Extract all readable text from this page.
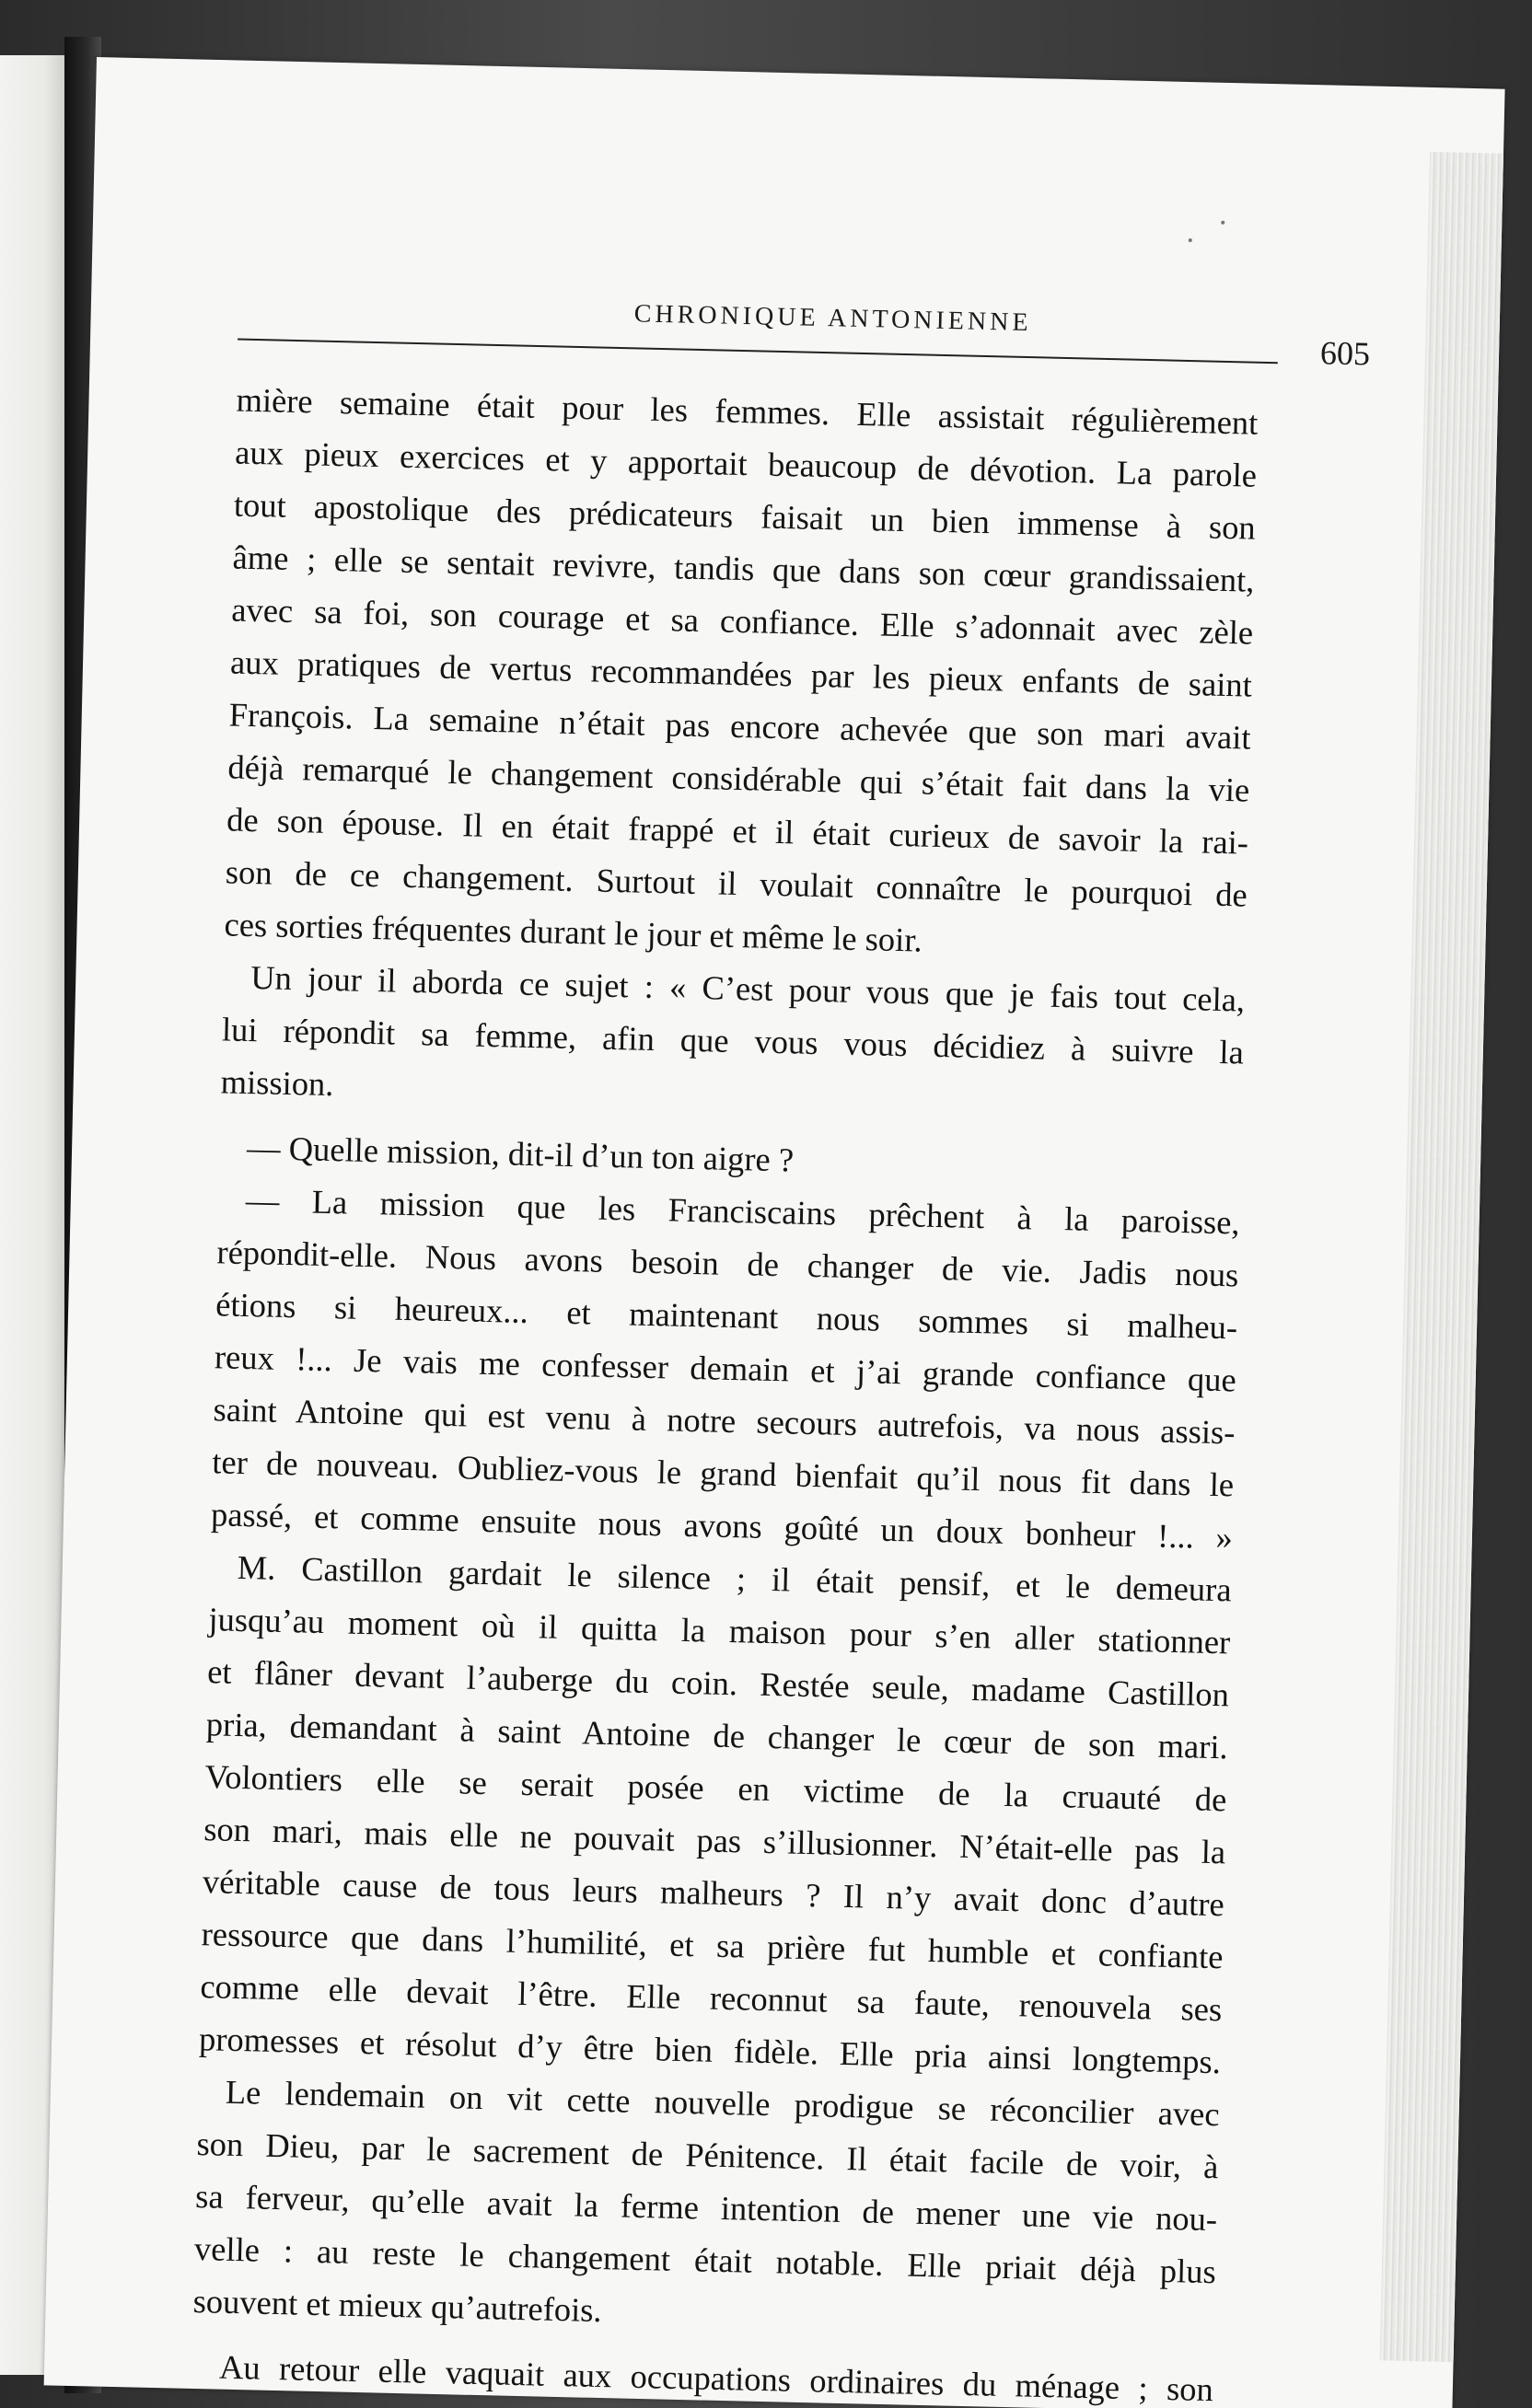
CHRONIQUE ANTONIENNE
605
mière semaine était pour les femmes. Elle assistait régulièrement
aux pieux exercices et y apportait beaucoup de dévotion. La parole
tout apostolique des prédicateurs faisait un bien immense à son
âme ; elle se sentait revivre, tandis que dans son cœur grandissaient,
avec sa foi, son courage et sa confiance. Elle s’adonnait avec zèle
aux pratiques de vertus recommandées par les pieux enfants de saint
François. La semaine n’était pas encore achevée que son mari avait
déjà remarqué le changement considérable qui s’était fait dans la vie
de son épouse. Il en était frappé et il était curieux de savoir la rai-
son de ce changement. Surtout il voulait connaître le pourquoi de
ces sorties fréquentes durant le jour et même le soir.
Un jour il aborda ce sujet : « C’est pour vous que je fais tout cela,
lui répondit sa femme, afin que vous vous décidiez à suivre la
mission.
— Quelle mission, dit-il d’un ton aigre ?
— La mission que les Franciscains prêchent à la paroisse,
répondit-elle. Nous avons besoin de changer de vie. Jadis nous
étions si heureux... et maintenant nous sommes si malheu-
reux !... Je vais me confesser demain et j’ai grande confiance que
saint Antoine qui est venu à notre secours autrefois, va nous assis-
ter de nouveau. Oubliez-vous le grand bienfait qu’il nous fit dans le
passé, et comme ensuite nous avons goûté un doux bonheur !... »
M. Castillon gardait le silence ; il était pensif, et le demeura
jusqu’au moment où il quitta la maison pour s’en aller stationner
et flâner devant l’auberge du coin. Restée seule, madame Castillon
pria, demandant à saint Antoine de changer le cœur de son mari.
Volontiers elle se serait posée en victime de la cruauté de
son mari, mais elle ne pouvait pas s’illusionner. N’était-elle pas la
véritable cause de tous leurs malheurs ? Il n’y avait donc d’autre
ressource que dans l’humilité, et sa prière fut humble et confiante
comme elle devait l’être. Elle reconnut sa faute, renouvela ses
promesses et résolut d’y être bien fidèle. Elle pria ainsi longtemps.
Le lendemain on vit cette nouvelle prodigue se réconcilier avec
son Dieu, par le sacrement de Pénitence. Il était facile de voir, à
sa ferveur, qu’elle avait la ferme intention de mener une vie nou-
velle : au reste le changement était notable. Elle priait déjà plus
souvent et mieux qu’autrefois.
Au retour elle vaquait aux occupations ordinaires du ménage ; son
